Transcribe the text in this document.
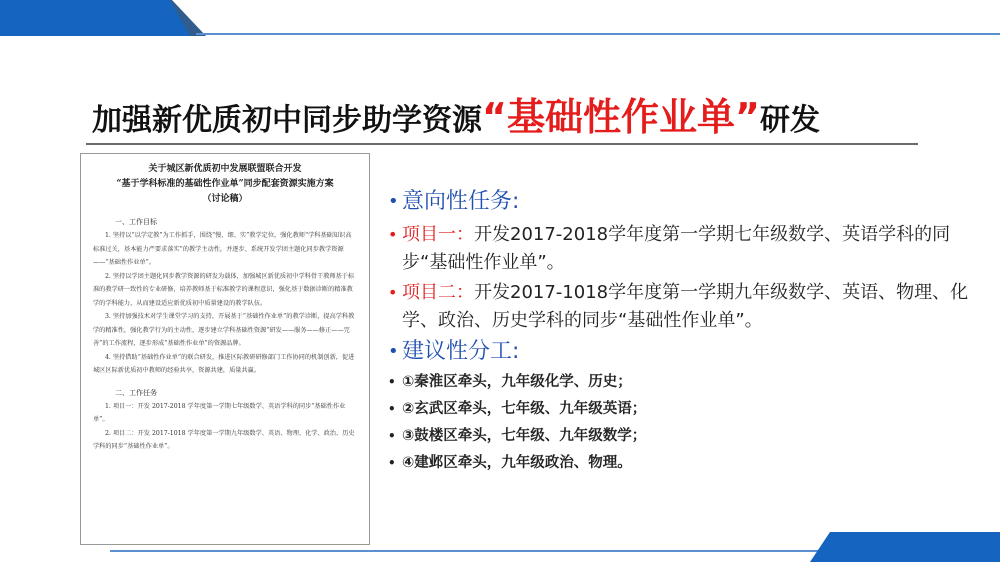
加强新优质初中同步助学资源 “基础性作业单” 研发
关于城区新优质初中发展联盟联合开发
“基于学科标准的基础性作业单”同步配套资源实施方案
（讨论稿）
一、工作目标
1. 坚持以“以学定教”为工作抓手，围绕“慢、细、实”教学定位，强化教师“学科基础知识高标准过关，基本能力严要求落实”的教学主动性，并逐步、系统开发学团主题化同步教学资源——“基础性作业单”。
2. 坚持以学团主题化同步教学资源的研发为载体，加强城区新优质初中学科骨干教师基于标准的教学研一致性的专业研修，培养教师基于标准教学的课程意识，强化基于数据诊断的精准教学的学科能力，从而建设适应新优质初中质量建设的教学队伍。
3. 坚持加强技术对学生课堂学习的支持，开展基于“基础性作业单”的教学诊断，提高学科教学的精准性，强化教学行为的主动性，逐步建立学科基础性资源“研发——服务——修正——完善”的工作流程，逐步形成“基础性作业单”的资源品牌。
4. 坚持借助“基础性作业单”的联合研发，推进区际教研研修部门工作协同的机制创新，促进城区区际新优质初中教师的经验共享，资源共建，质量共赢。
二、工作任务
1. 项目一：开发 2017-2018 学年度第一学期七年级数学、英语学科的同步“基础性作业单”。
2. 项目二：开发 2017-1018 学年度第一学期九年级数学、英语、物理、化学、政治、历史学科的同步“基础性作业单”。
• 意向性任务:
• 项目一：开发2017-2018学年度第一学期七年级数学、英语学科的同步“基础性作业单”。
• 项目二：开发2017-1018学年度第一学期九年级数学、英语、物理、化学、政治、历史学科的同步“基础性作业单”。
• 建议性分工:
• ①秦淮区牵头，九年级化学、历史；
• ②玄武区牵头，七年级、九年级英语；
• ③鼓楼区牵头，七年级、九年级数学；
• ④建邺区牵头，九年级政治、物理。
